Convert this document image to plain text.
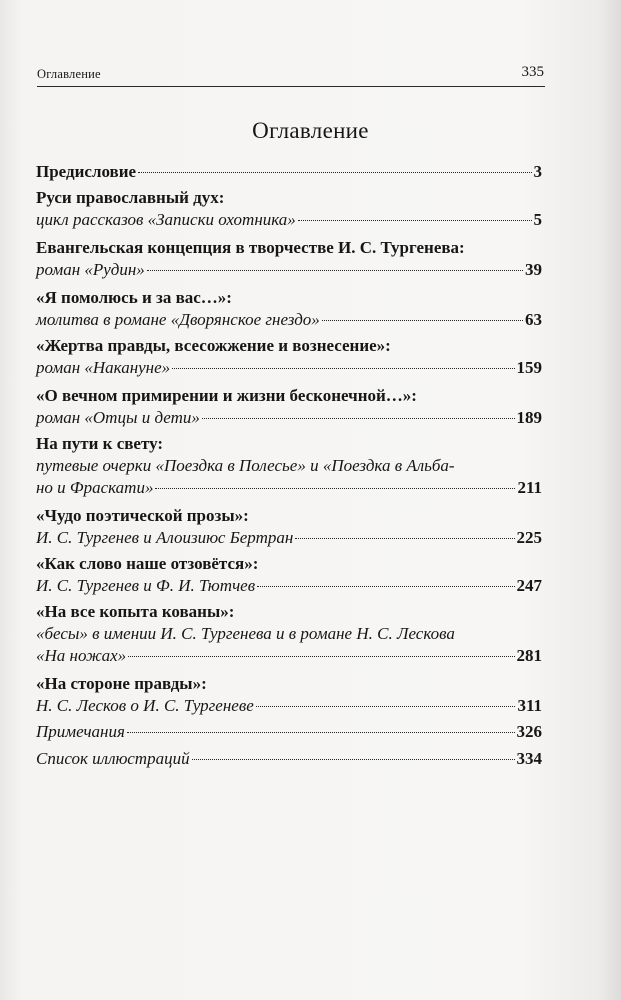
Оглавление	335
Оглавление
Предисловие	3
Руси православный дух:
цикл рассказов «Записки охотника»	5
Евангельская концепция в творчестве И. С. Тургенева:
роман «Рудин»	39
«Я помолюсь и за вас…»:
молитва в романе «Дворянское гнездо»	63
«Жертва правды, всесожжение и вознесение»:
роман «Накануне»	159
«О вечном примирении и жизни бесконечной…»:
роман «Отцы и дети»	189
На пути к свету:
путевые очерки «Поездка в Полесье» и «Поездка в Альба-
но и Фраскати»	211
«Чудо поэтической прозы»:
И. С. Тургенев и Алоизиюс Бертран	225
«Как слово наше отзовётся»:
И. С. Тургенев и Ф. И. Тютчев	247
«На все копыта кованы»:
«бесы» в имении И. С. Тургенева и в романе Н. С. Лескова
«На ножах»	281
«На стороне правды»:
Н. С. Лесков о И. С. Тургеневе	311
Примечания	326
Список иллюстраций	334
